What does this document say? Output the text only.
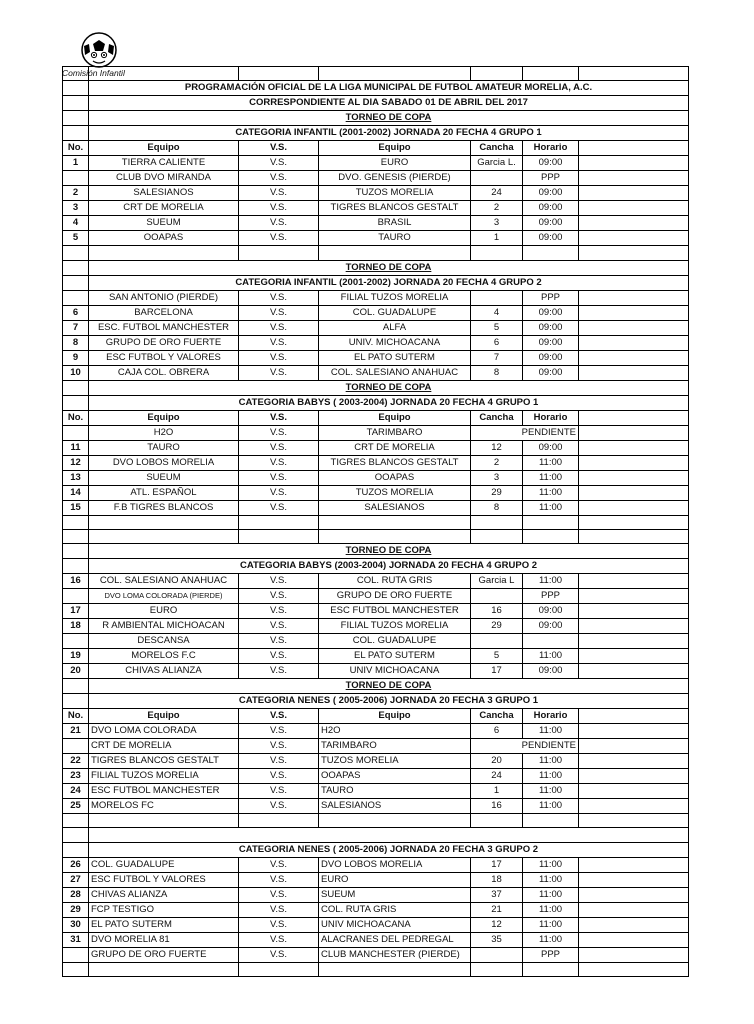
Comisión Infantil

	PROGRAMACIÓN OFICIAL DE LA LIGA MUNICIPAL DE FUTBOL AMATEUR MORELIA, A.C.					
	CORRESPONDIENTE AL DIA SABADO 01 DE ABRIL DEL 2017					
	TORNEO DE COPA					
	CATEGORIA INFANTIL (2001-2002) JORNADA 20 FECHA 4 GRUPO 1					
No.	Equipo	V.S.	Equipo	Cancha	Horario	
1	TIERRA CALIENTE	V.S.	EURO	Garcia L.	09:00	
	CLUB DVO MIRANDA	V.S.	DVO. GENESIS (PIERDE)		PPP	
2	SALESIANOS	V.S.	TUZOS MORELIA	24	09:00	
3	CRT DE MORELIA	V.S.	TIGRES BLANCOS GESTALT	2	09:00	
4	SUEUM	V.S.	BRASIL	3	09:00	
5	OOAPAS	V.S.	TAURO	1	09:00	

	TORNEO DE COPA					
	CATEGORIA INFANTIL (2001-2002) JORNADA 20 FECHA 4 GRUPO 2					
	SAN ANTONIO (PIERDE)	V.S.	FILIAL TUZOS MORELIA		PPP	
6	BARCELONA	V.S.	COL. GUADALUPE	4	09:00	
7	ESC. FUTBOL MANCHESTER	V.S.	ALFA	5	09:00	
8	GRUPO DE ORO FUERTE	V.S.	UNIV. MICHOACANA	6	09:00	
9	ESC FUTBOL Y VALORES	V.S.	EL PATO SUTERM	7	09:00	
10	CAJA COL. OBRERA	V.S.	COL. SALESIANO ANAHUAC	8	09:00	
	TORNEO DE COPA					
	CATEGORIA BABYS ( 2003-2004) JORNADA 20 FECHA 4 GRUPO 1					
No.	Equipo	V.S.	Equipo	Cancha	Horario	
	H2O	V.S.	TARIMBARO	PENDIENTE		
11	TAURO	V.S.	CRT DE MORELIA	12	09:00	
12	DVO LOBOS MORELIA	V.S.	TIGRES BLANCOS GESTALT	2	11:00	
13	SUEUM	V.S.	OOAPAS	3	11:00	
14	ATL. ESPAÑOL	V.S.	TUZOS MORELIA	29	11:00	
15	F.B TIGRES BLANCOS	V.S.	SALESIANOS	8	11:00	

	TORNEO DE COPA					
	CATEGORIA BABYS (2003-2004) JORNADA 20 FECHA 4 GRUPO 2					
16	COL. SALESIANO ANAHUAC	V.S.	COL. RUTA GRIS	Garcia L	11:00	
	DVO LOMA COLORADA (PIERDE)	V.S.	GRUPO DE ORO FUERTE		PPP	
17	EURO	V.S.	ESC FUTBOL MANCHESTER	16	09:00	
18	R AMBIENTAL MICHOACAN	V.S.	FILIAL TUZOS MORELIA	29	09:00	
	DESCANSA	V.S.	COL. GUADALUPE			
19	MORELOS F.C	V.S.	EL PATO SUTERM	5	11:00	
20	CHIVAS ALIANZA	V.S.	UNIV MICHOACANA	17	09:00	
	TORNEO DE COPA					
	CATEGORIA NENES ( 2005-2006) JORNADA 20 FECHA 3 GRUPO 1					
No.	Equipo	V.S.	Equipo	Cancha	Horario	
21	DVO LOMA COLORADA	V.S.	H2O	6	11:00	
	CRT DE MORELIA	V.S.	TARIMBARO	PENDIENTE		
22	TIGRES BLANCOS GESTALT	V.S.	TUZOS MORELIA	20	11:00	
23	FILIAL TUZOS MORELIA	V.S.	OOAPAS	24	11:00	
24	ESC FUTBOL MANCHESTER	V.S.	TAURO	1	11:00	
25	MORELOS FC	V.S.	SALESIANOS	16	11:00	

	CATEGORIA NENES ( 2005-2006) JORNADA 20 FECHA 3 GRUPO 2					
26	COL. GUADALUPE	V.S.	DVO LOBOS MORELIA	17	11:00	
27	ESC FUTBOL Y VALORES	V.S.	EURO	18	11:00	
28	CHIVAS ALIANZA	V.S.	SUEUM	37	11:00	
29	FCP TESTIGO	V.S.	COL. RUTA GRIS	21	11:00	
30	EL PATO SUTERM	V.S.	UNIV MICHOACANA	12	11:00	
31	DVO MORELIA 81	V.S.	ALACRANES DEL PEDREGAL	35	11:00	
	GRUPO DE ORO FUERTE	V.S.	CLUB MANCHESTER (PIERDE)		PPP	
